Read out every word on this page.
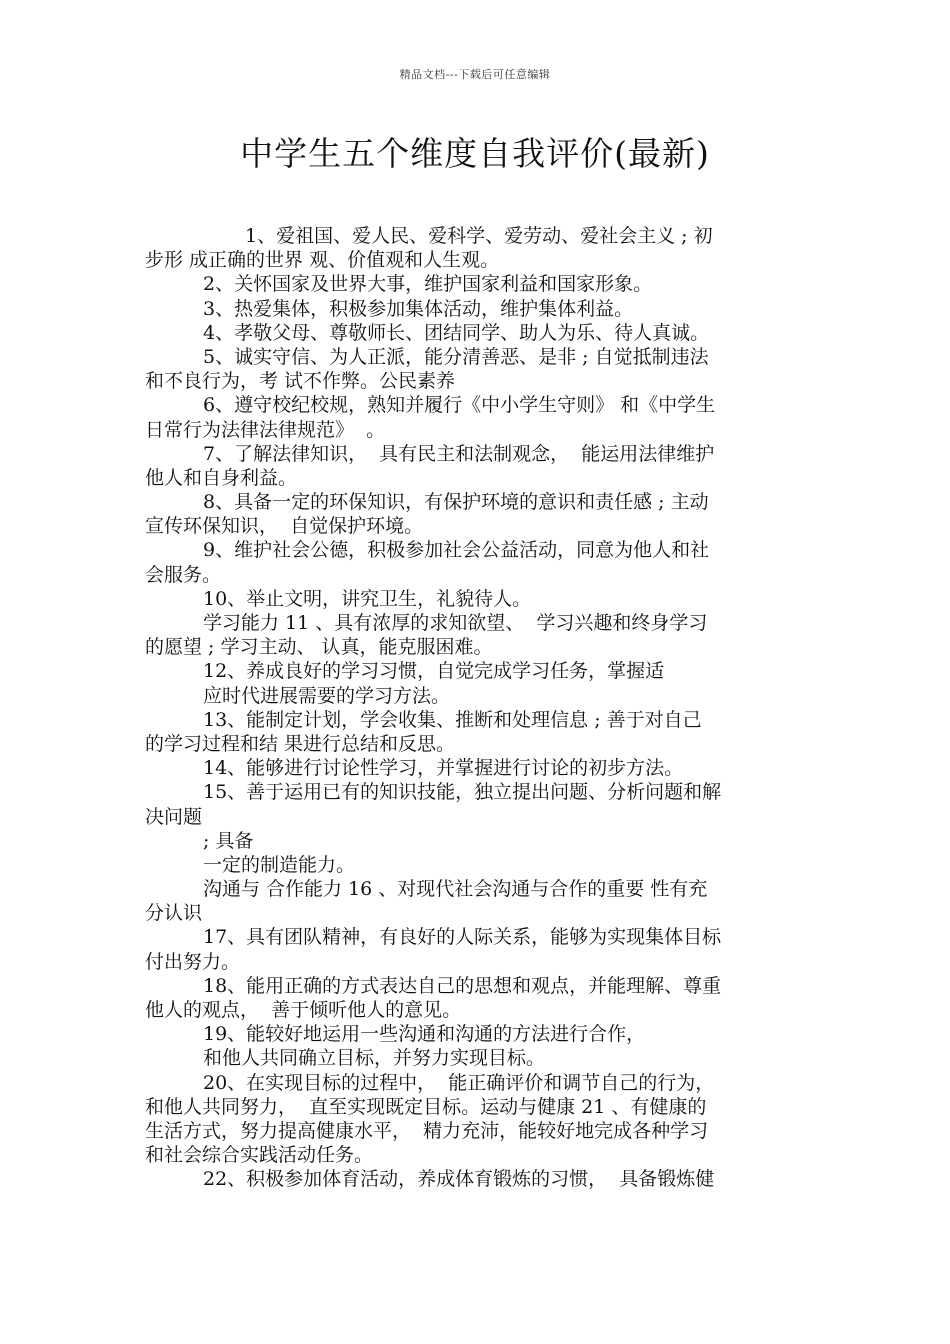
精品文档---下载后可任意编辑
中学生五个维度自我评价(最新)
1、爱祖国、爱人民、爱科学、爱劳动、爱社会主义 ; 初
步形 成正确的世界 观、价值观和人生观。
2、关怀国家及世界大事，维护国家利益和国家形象。
3、热爱集体，积极参加集体活动，维护集体利益。
4、孝敬父母、尊敬师长、团结同学、助人为乐、待人真诚。
5、诚实守信、为人正派，能分清善恶、是非 ; 自觉抵制违法
和不良行为，考 试不作弊。公民素养
6、遵守校纪校规，熟知并履行《中小学生守则》 和《中学生
日常行为法律法律规范》  。
7、了解法律知识，  具有民主和法制观念，  能运用法律维护
他人和自身利益。
8、具备一定的环保知识，有保护环境的意识和责任感 ; 主动
宣传环保知识，  自觉保护环境。
9、维护社会公德，积极参加社会公益活动，同意为他人和社
会服务。
10、举止文明，讲究卫生，礼貌待人。
学习能力 11 、具有浓厚的求知欲望、  学习兴趣和终身学习
的愿望 ; 学习主动、 认真，能克服困难。
12、养成良好的学习习惯，自觉完成学习任务，掌握适
应时代进展需要的学习方法。
13、能制定计划，学会收集、推断和处理信息 ; 善于对自己
的学习过程和结 果进行总结和反思。
14、能够进行讨论性学习，并掌握进行讨论的初步方法。
15、善于运用已有的知识技能，独立提出问题、分析问题和解
决问题
; 具备
一定的制造能力。
沟通与 合作能力 16 、对现代社会沟通与合作的重要 性有充
分认识
17、具有团队精神，有良好的人际关系，能够为实现集体目标
付出努力。
18、能用正确的方式表达自己的思想和观点，并能理解、尊重
他人的观点，  善于倾听他人的意见。
19、能较好地运用一些沟通和沟通的方法进行合作，
和他人共同确立目标，并努力实现目标。
20、在实现目标的过程中，  能正确评价和调节自己的行为，
和他人共同努力，  直至实现既定目标。运动与健康 21 、有健康的
生活方式，努力提高健康水平，  精力充沛，能较好地完成各种学习
和社会综合实践活动任务。
22、积极参加体育活动，养成体育锻炼的习惯，  具备锻炼健
